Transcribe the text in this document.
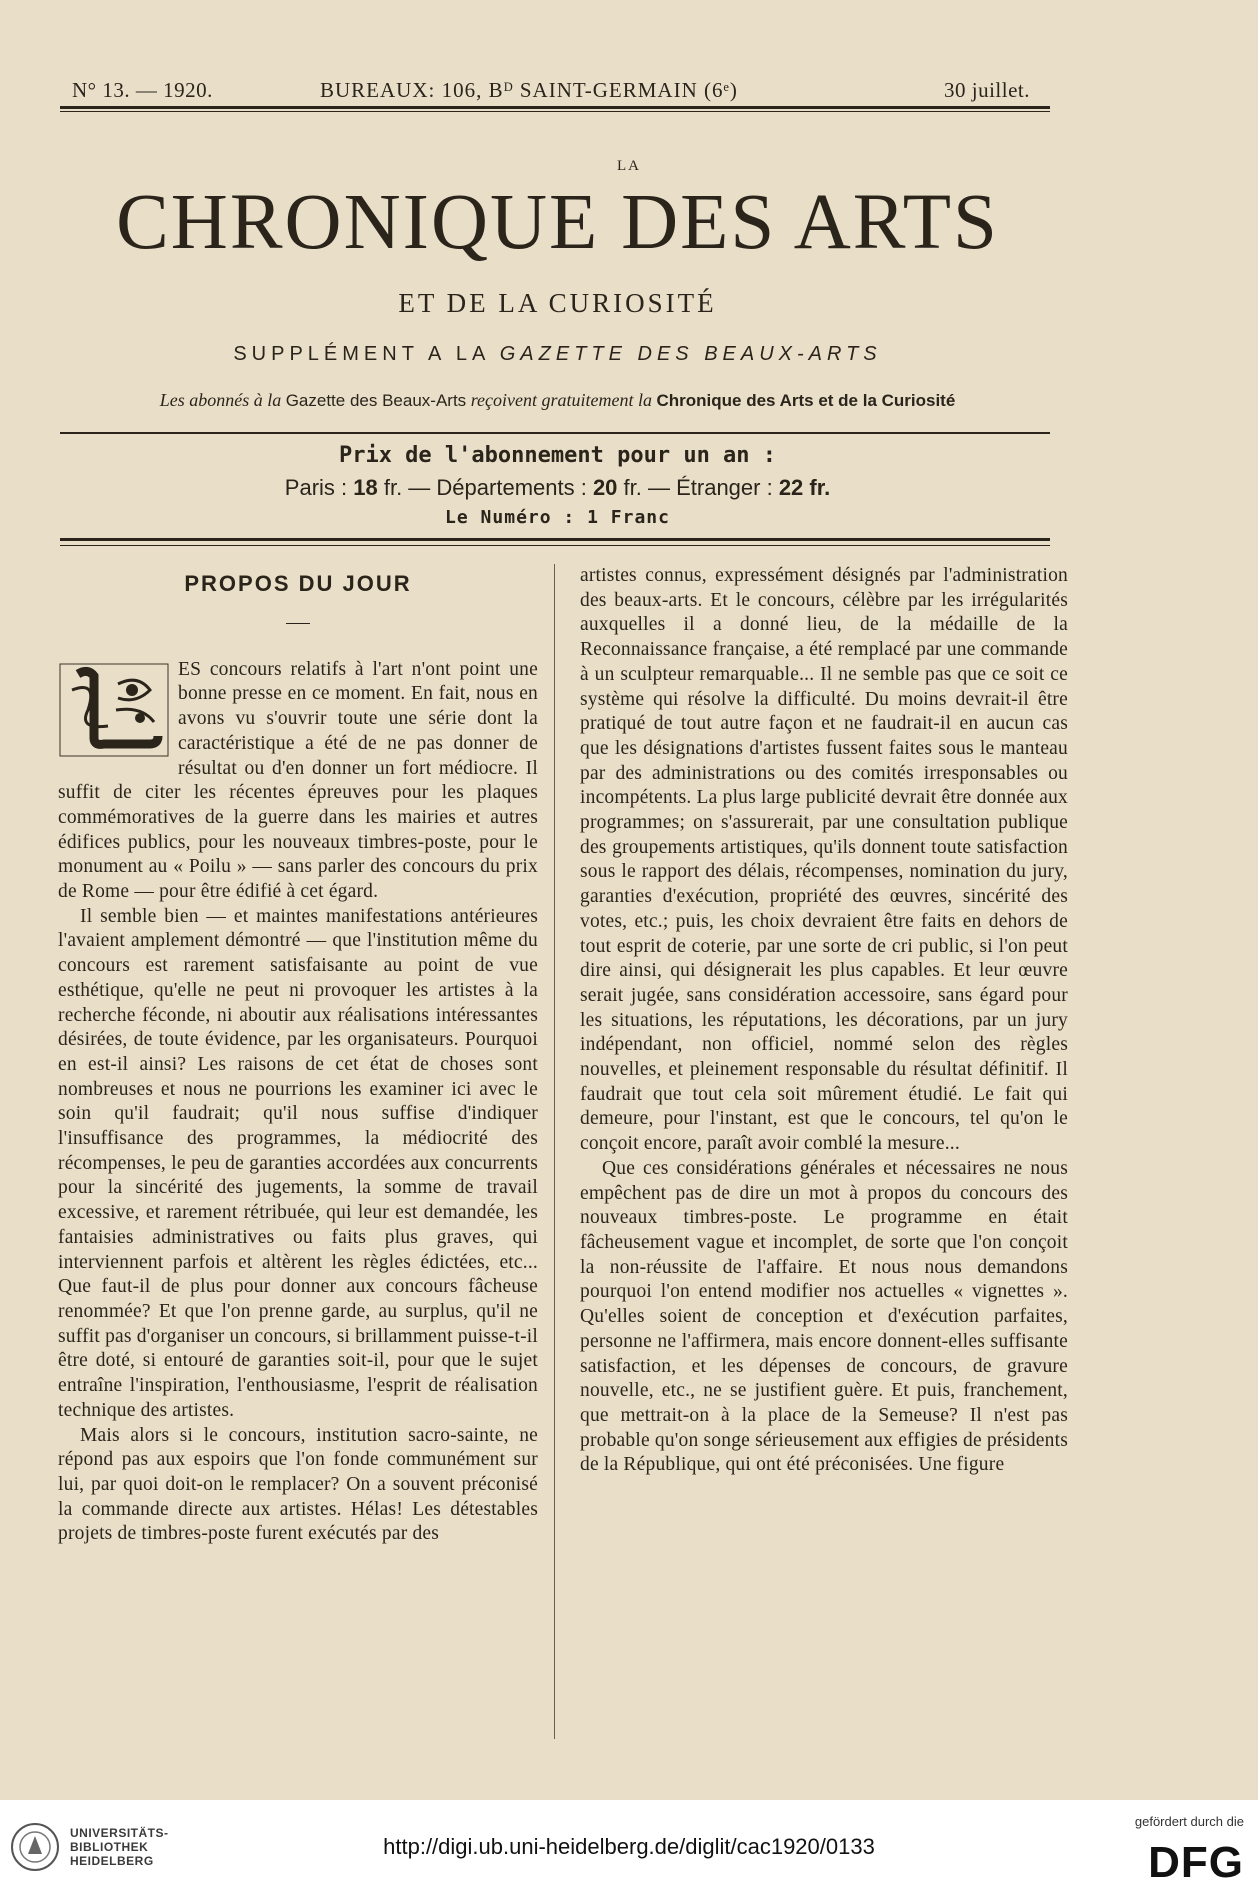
N° 13. — 1920.	BUREAUX: 106, Bᴰ SAINT-GERMAIN (6ᵉ)	30 juillet.
LA
CHRONIQUE DES ARTS
ET DE LA CURIOSITÉ
SUPPLÉMENT A LA GAZETTE DES BEAUX-ARTS
Les abonnés à la Gazette des Beaux-Arts reçoivent gratuitement la Chronique des Arts et de la Curiosité
Prix de l'abonnement pour un an :
Paris : 18 fr. — Départements : 20 fr. — Étranger : 22 fr.
Le Numéro : 1 Franc
PROPOS DU JOUR

ES concours relatifs à l'art n'ont point une bonne presse en ce moment. En fait, nous en avons vu s'ouvrir toute une série dont la caractéristique a été de ne pas donner de résultat ou d'en donner un fort médiocre. Il suffit de citer les récentes épreuves pour les plaques commémoratives de la guerre dans les mairies et autres édifices publics, pour les nouveaux timbres-poste, pour le monument au « Poilu » — sans parler des concours du prix de Rome — pour être édifié à cet égard.

Il semble bien — et maintes manifestations antérieures l'avaient amplement démontré — que l'institution même du concours est rarement satisfaisante au point de vue esthétique, qu'elle ne peut ni provoquer les artistes à la recherche féconde, ni aboutir aux réalisations intéressantes désirées, de toute évidence, par les organisateurs. Pourquoi en est-il ainsi? Les raisons de cet état de choses sont nombreuses et nous ne pourrions les examiner ici avec le soin qu'il faudrait; qu'il nous suffise d'indiquer l'insuffisance des programmes, la médiocrité des récompenses, le peu de garanties accordées aux concurrents pour la sincérité des jugements, la somme de travail excessive, et rarement rétribuée, qui leur est demandée, les fantaisies administratives ou faits plus graves, qui interviennent parfois et altèrent les règles édictées, etc... Que faut-il de plus pour donner aux concours fâcheuse renommée? Et que l'on prenne garde, au surplus, qu'il ne suffit pas d'organiser un concours, si brillamment puisse-t-il être doté, si entouré de garanties soit-il, pour que le sujet entraîne l'inspiration, l'enthousiasme, l'esprit de réalisation technique des artistes.

Mais alors si le concours, institution sacro-sainte, ne répond pas aux espoirs que l'on fonde communément sur lui, par quoi doit-on le remplacer? On a souvent préconisé la commande directe aux artistes. Hélas! Les détestables projets de timbres-poste furent exécutés par des

artistes connus, expressément désignés par l'administration des beaux-arts. Et le concours, célèbre par les irrégularités auxquelles il a donné lieu, de la médaille de la Reconnaissance française, a été remplacé par une commande à un sculpteur remarquable... Il ne semble pas que ce soit ce système qui résolve la difficulté. Du moins devrait-il être pratiqué de tout autre façon et ne faudrait-il en aucun cas que les désignations d'artistes fussent faites sous le manteau par des administrations ou des comités irresponsables ou incompétents. La plus large publicité devrait être donnée aux programmes; on s'assurerait, par une consultation publique des groupements artistiques, qu'ils donnent toute satisfaction sous le rapport des délais, récompenses, nomination du jury, garanties d'exécution, propriété des œuvres, sincérité des votes, etc.; puis, les choix devraient être faits en dehors de tout esprit de coterie, par une sorte de cri public, si l'on peut dire ainsi, qui désignerait les plus capables. Et leur œuvre serait jugée, sans considération accessoire, sans égard pour les situations, les réputations, les décorations, par un jury indépendant, non officiel, nommé selon des règles nouvelles, et pleinement responsable du résultat définitif. Il faudrait que tout cela soit mûrement étudié. Le fait qui demeure, pour l'instant, est que le concours, tel qu'on le conçoit encore, paraît avoir comblé la mesure...

Que ces considérations générales et nécessaires ne nous empêchent pas de dire un mot à propos du concours des nouveaux timbres-poste. Le programme en était fâcheusement vague et incomplet, de sorte que l'on conçoit la non-réussite de l'affaire. Et nous nous demandons pourquoi l'on entend modifier nos actuelles « vignettes ». Qu'elles soient de conception et d'exécution parfaites, personne ne l'affirmera, mais encore donnent-elles suffisante satisfaction, et les dépenses de concours, de gravure nouvelle, etc., ne se justifient guère. Et puis, franchement, que mettrait-on à la place de la Semeuse? Il n'est pas probable qu'on songe sérieusement aux effigies de présidents de la République, qui ont été préconisées. Une figure

UNIVERSITÄTS-
BIBLIOTHEK
HEIDELBERG
http://digi.ub.uni-heidelberg.de/diglit/cac1920/0133
gefördert durch die
DFG
